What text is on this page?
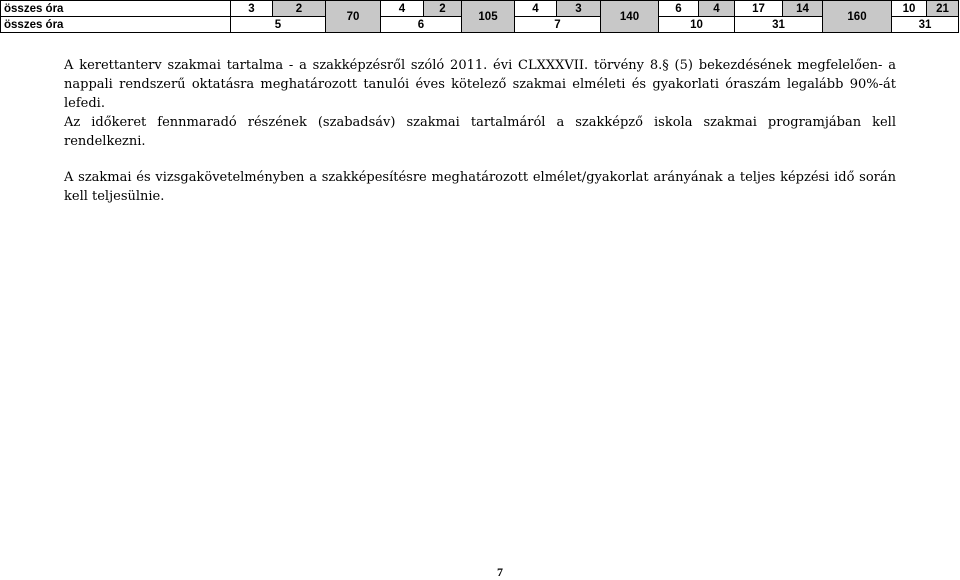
összes óra	3	2	70	4	2	105	4	3	140	6	4	17	14	160	10	21
összes óra	5			6			7			10		31			31	

A kerettanterv szakmai tartalma - a szakképzésről szóló 2011. évi CLXXXVII. törvény 8.§ (5) bekezdésének megfelelően- a nappali rendszerű oktatásra meghatározott tanulói éves kötelező szakmai elméleti és gyakorlati óraszám legalább 90%-át lefedi.

Az időkeret fennmaradó részének (szabadsáv) szakmai tartalmáról a szakképző iskola szakmai programjában kell rendelkezni.

A szakmai és vizsgakövetelményben a szakképesítésre meghatározott elmélet/gyakorlat arányának a teljes képzési idő során kell teljesülnie.

7
